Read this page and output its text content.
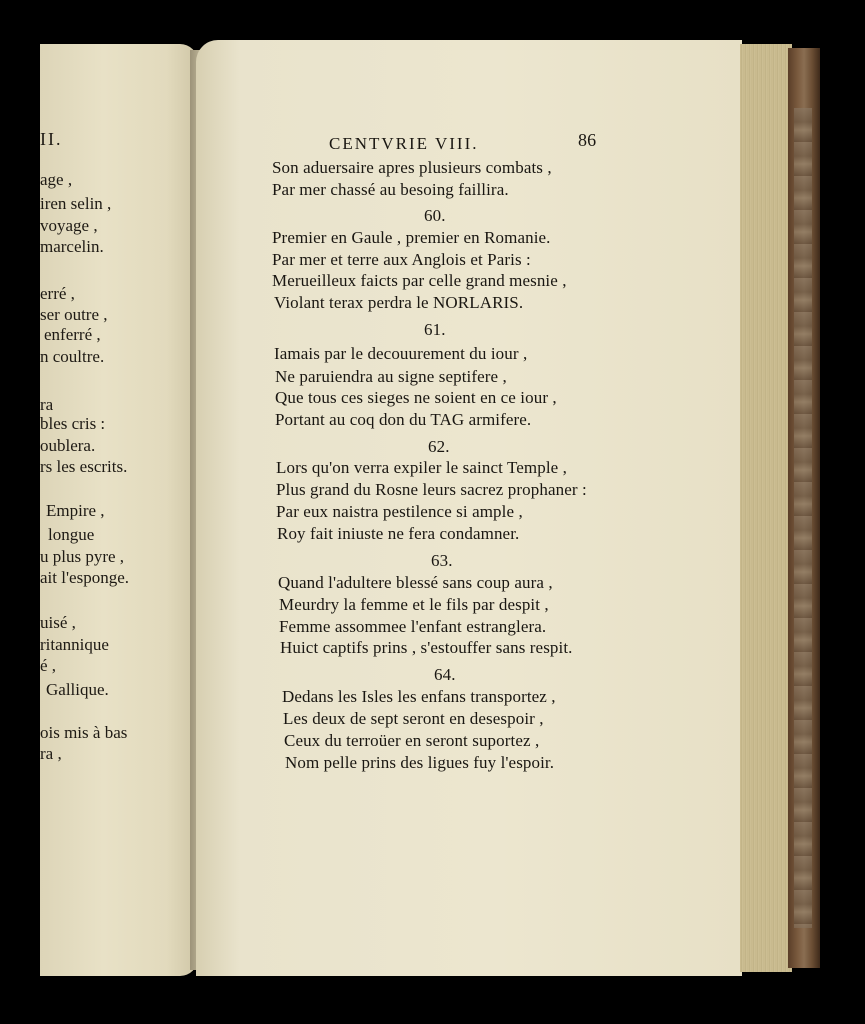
II.
age ,
iren selin ,
voyage ,
marcelin.
erré ,
ser outre ,
enferré ,
n coultre.
ra
bles cris :
oublera.
rs les escrits.
Empire ,
longue
u plus pyre ,
ait l'esponge.
uisé ,
ritannique
é ,
Gallique.
ois mis à bas
ra ,
CENTVRIE VIII.	86
Son aduersaire apres plusieurs combats ,
Par mer chassé au besoing faillira.
60.
Premier en Gaule , premier en Romanie.
Par mer et terre aux Anglois et Paris :
Merueilleux faicts par celle grand mesnie ,
Violant terax perdra le NORLARIS.
61.
Iamais par le decouurement du iour ,
Ne paruiendra au signe septifere ,
Que tous ces sieges ne soient en ce iour ,
Portant au coq don du TAG armifere.
62.
Lors qu'on verra expiler le sainct Temple ,
Plus grand du Rosne leurs sacrez prophaner :
Par eux naistra pestilence si ample ,
Roy fait iniuste ne fera condamner.
63.
Quand l'adultere blessé sans coup aura ,
Meurdry la femme et le fils par despit ,
Femme assommee l'enfant estranglera.
Huict captifs prins , s'estouffer sans respit.
64.
Dedans les Isles les enfans transportez ,
Les deux de sept seront en desespoir ,
Ceux du terroüer en seront suportez ,
Nom pelle prins des ligues fuy l'espoir.
